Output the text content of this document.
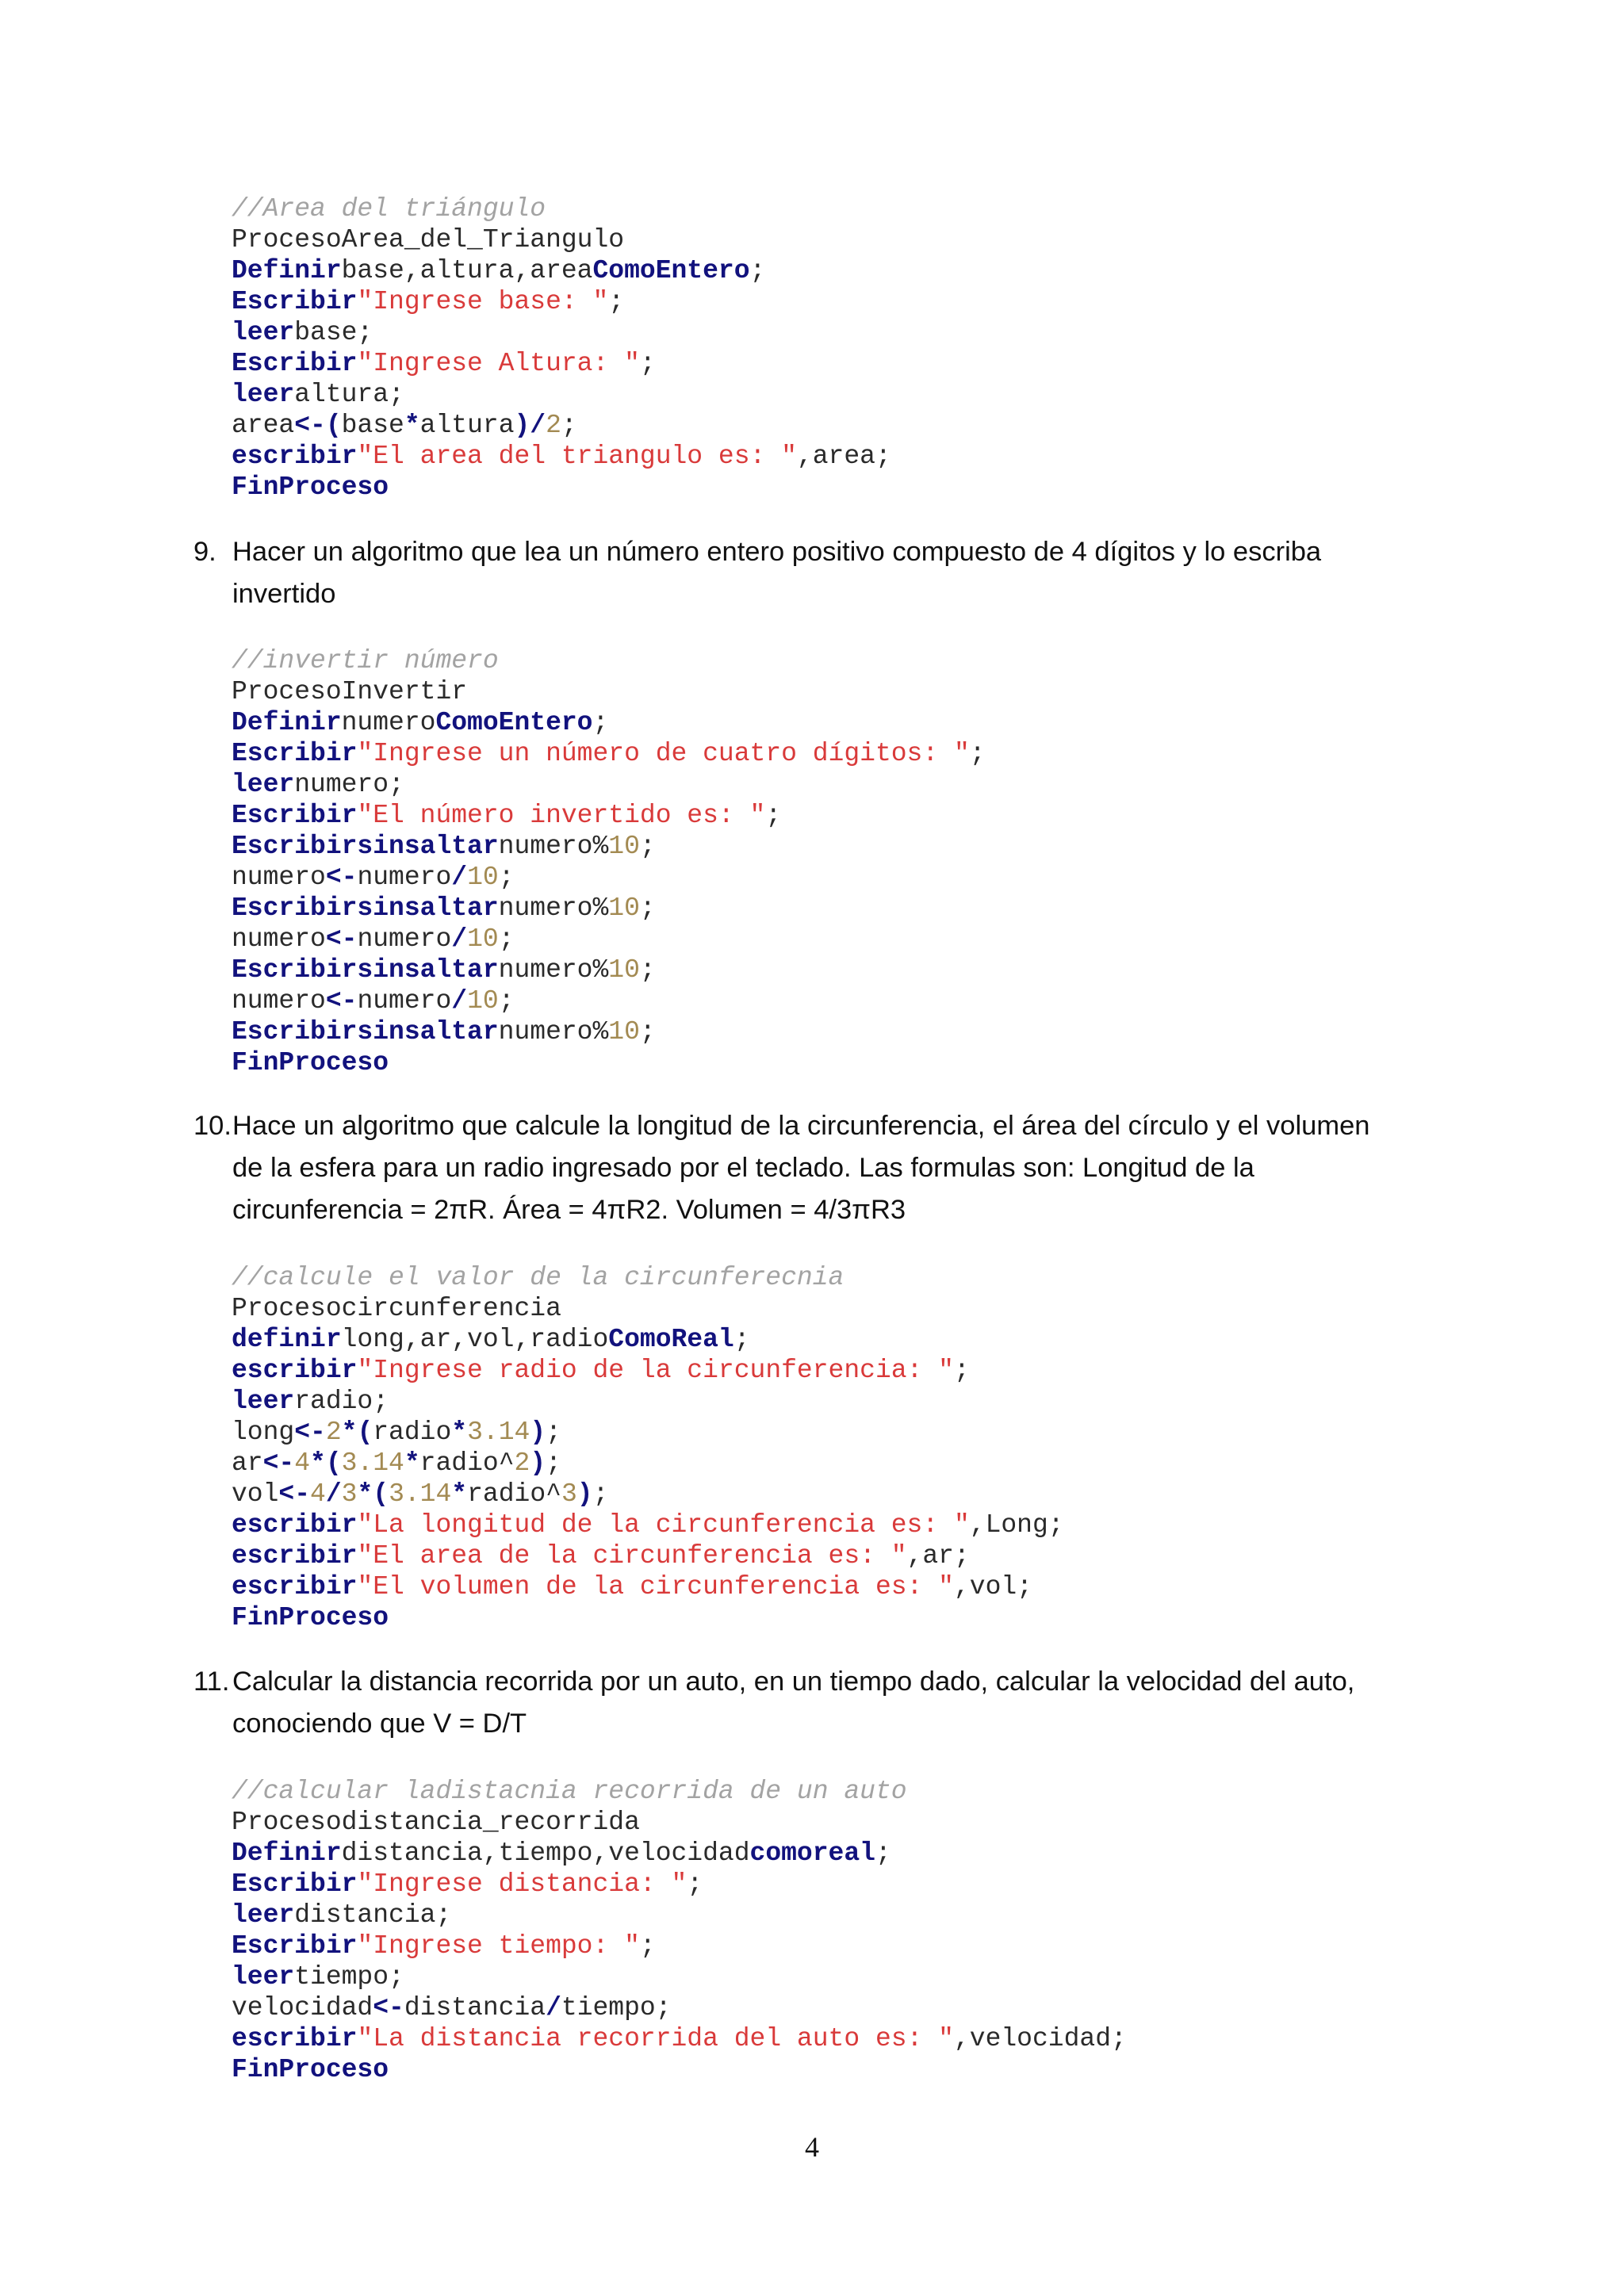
//Area del triángulo
ProcesoArea_del_Triangulo
Definirbase,altura,areaComoEntero;
Escribir"Ingrese base: ";
leerbase;
Escribir"Ingrese Altura: ";
leeraltura;
area<-(base*altura)/2;
escribir"El area del triangulo es: ",area;
FinProceso
9. Hacer un algoritmo que lea un número entero positivo compuesto de 4 dígitos y lo escriba invertido
//invertir número
ProcesoInvertir
DefinirnumeroComoEntero;
Escribir"Ingrese un número de cuatro dígitos: ";
leernumero;
Escribir"El número invertido es: ";
Escribirsinsaltarnumero%10;
numero<-numero/10;
Escribirsinsaltarnumero%10;
numero<-numero/10;
Escribirsinsaltarnumero%10;
numero<-numero/10;
Escribirsinsaltarnumero%10;
FinProceso
10. Hace un algoritmo que calcule la longitud de la circunferencia, el área del círculo y el volumen de la esfera para un radio ingresado por el teclado. Las formulas son: Longitud de la circunferencia = 2πR. Área = 4πR2. Volumen = 4/3πR3
//calcule el valor de la circunferecnia
Procesocircunferencia
definirlong,ar,vol,radioComoReal;
escribir"Ingrese radio de la circunferencia: ";
leerradio;
long<-2*(radio*3.14);
ar<-4*(3.14*radio^2);
vol<-4/3*(3.14*radio^3);
escribir"La longitud de la circunferencia es: ",Long;
escribir"El area de la circunferencia es: ",ar;
escribir"El volumen de la circunferencia es: ",vol;
FinProceso
11. Calcular la distancia recorrida por un auto, en un tiempo dado, calcular la velocidad del auto, conociendo que V = D/T
//calcular ladistacnia recorrida de un auto
Procesodistancia_recorrida
Definirdistancia,tiempo,velocidadcomoreal;
Escribir"Ingrese distancia: ";
leerdistancia;
Escribir"Ingrese tiempo: ";
leertiempo;
velocidad<-distancia/tiempo;
escribir"La distancia recorrida del auto es: ",velocidad;
FinProceso
4
